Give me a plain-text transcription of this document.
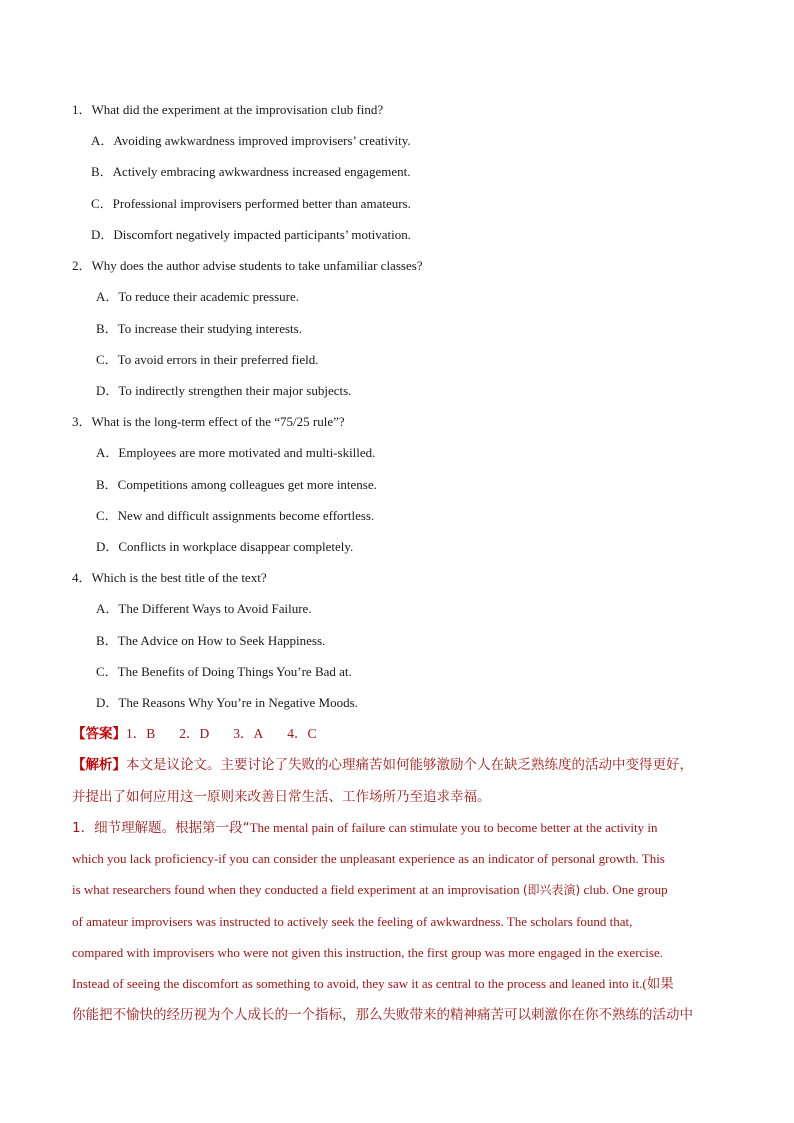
1．What did the experiment at the improvisation club find?
A．Avoiding awkwardness improved improvisers’ creativity.
B．Actively embracing awkwardness increased engagement.
C．Professional improvisers performed better than amateurs.
D．Discomfort negatively impacted participants’ motivation.
2．Why does the author advise students to take unfamiliar classes?
A．To reduce their academic pressure.
B．To increase their studying interests.
C．To avoid errors in their preferred field.
D．To indirectly strengthen their major subjects.
3．What is the long-term effect of the “75/25 rule”?
A．Employees are more motivated and multi-skilled.
B．Competitions among colleagues get more intense.
C．New and difficult assignments become effortless.
D．Conflicts in workplace disappear completely.
4．Which is the best title of the text?
A．The Different Ways to Avoid Failure.
B．The Advice on How to Seek Happiness.
C．The Benefits of Doing Things You’re Bad at.
D．The Reasons Why You’re in Negative Moods.
【答案】1．B 2．D 3．A 4．C
【解析】本文是议论文。主要讨论了失败的心理痛苦如何能够激励个人在缺乏熟练度的活动中变得更好，
并提出了如何应用这一原则来改善日常生活、工作场所乃至追求幸福。
1．细节理解题。根据第一段“The mental pain of failure can stimulate you to become better at the activity in
which you lack proficiency-if you can consider the unpleasant experience as an indicator of personal growth. This
is what researchers found when they conducted a field experiment at an improvisation (即兴表演) club. One group
of amateur improvisers was instructed to actively seek the feeling of awkwardness. The scholars found that,
compared with improvisers who were not given this instruction, the first group was more engaged in the exercise.
Instead of seeing the discomfort as something to avoid, they saw it as central to the process and leaned into it.(如果
你能把不愉快的经历视为个人成长的一个指标，那么失败带来的精神痛苦可以刺激你在你不熟练的活动中
